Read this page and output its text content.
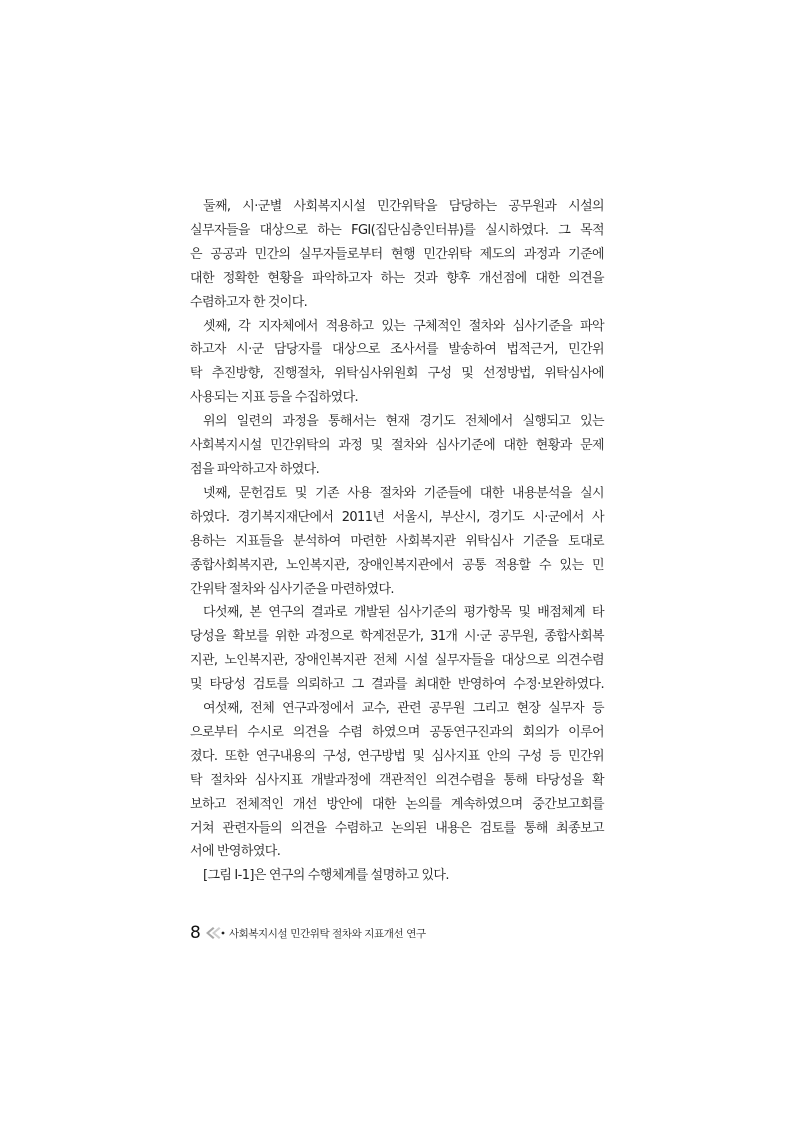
둘째, 시·군별 사회복지시설 민간위탁을 담당하는 공무원과 시설의
실무자들을 대상으로 하는 FGI(집단심층인터뷰)를 실시하였다. 그 목적
은 공공과 민간의 실무자들로부터 현행 민간위탁 제도의 과정과 기준에
대한 정확한 현황을 파악하고자 하는 것과 향후 개선점에 대한 의견을
수렴하고자 한 것이다.

셋째, 각 지자체에서 적용하고 있는 구체적인 절차와 심사기준을 파악
하고자 시·군 담당자를 대상으로 조사서를 발송하여 법적근거, 민간위
탁 추진방향, 진행절차, 위탁심사위원회 구성 및 선정방법, 위탁심사에
사용되는 지표 등을 수집하였다.

위의 일련의 과정을 통해서는 현재 경기도 전체에서 실행되고 있는
사회복지시설 민간위탁의 과정 및 절차와 심사기준에 대한 현황과 문제
점을 파악하고자 하였다.

넷째, 문헌검토 및 기존 사용 절차와 기준들에 대한 내용분석을 실시
하였다. 경기복지재단에서 2011년 서울시, 부산시, 경기도 시·군에서 사
용하는 지표들을 분석하여 마련한 사회복지관 위탁심사 기준을 토대로
종합사회복지관, 노인복지관, 장애인복지관에서 공통 적용할 수 있는 민
간위탁 절차와 심사기준을 마련하였다.

다섯째, 본 연구의 결과로 개발된 심사기준의 평가항목 및 배점체계 타
당성을 확보를 위한 과정으로 학계전문가, 31개 시·군 공무원, 종합사회복
지관, 노인복지관, 장애인복지관 전체 시설 실무자들을 대상으로 의견수렴
및 타당성 검토를 의뢰하고 그 결과를 최대한 반영하여 수정·보완하였다.

여섯째, 전체 연구과정에서 교수, 관련 공무원 그리고 현장 실무자 등
으로부터 수시로 의견을 수렴 하였으며 공동연구진과의 회의가 이루어
졌다. 또한 연구내용의 구성, 연구방법 및 심사지표 안의 구성 등 민간위
탁 절차와 심사지표 개발과정에 객관적인 의견수렴을 통해 타당성을 확
보하고 전체적인 개선 방안에 대한 논의를 계속하였으며 중간보고회를
거쳐 관련자들의 의견을 수렴하고 논의된 내용은 검토를 통해 최종보고
서에 반영하였다.

[그림 Ⅰ-1]은 연구의 수행체계를 설명하고 있다.

8	사회복지시설 민간위탁 절차와 지표개선 연구
